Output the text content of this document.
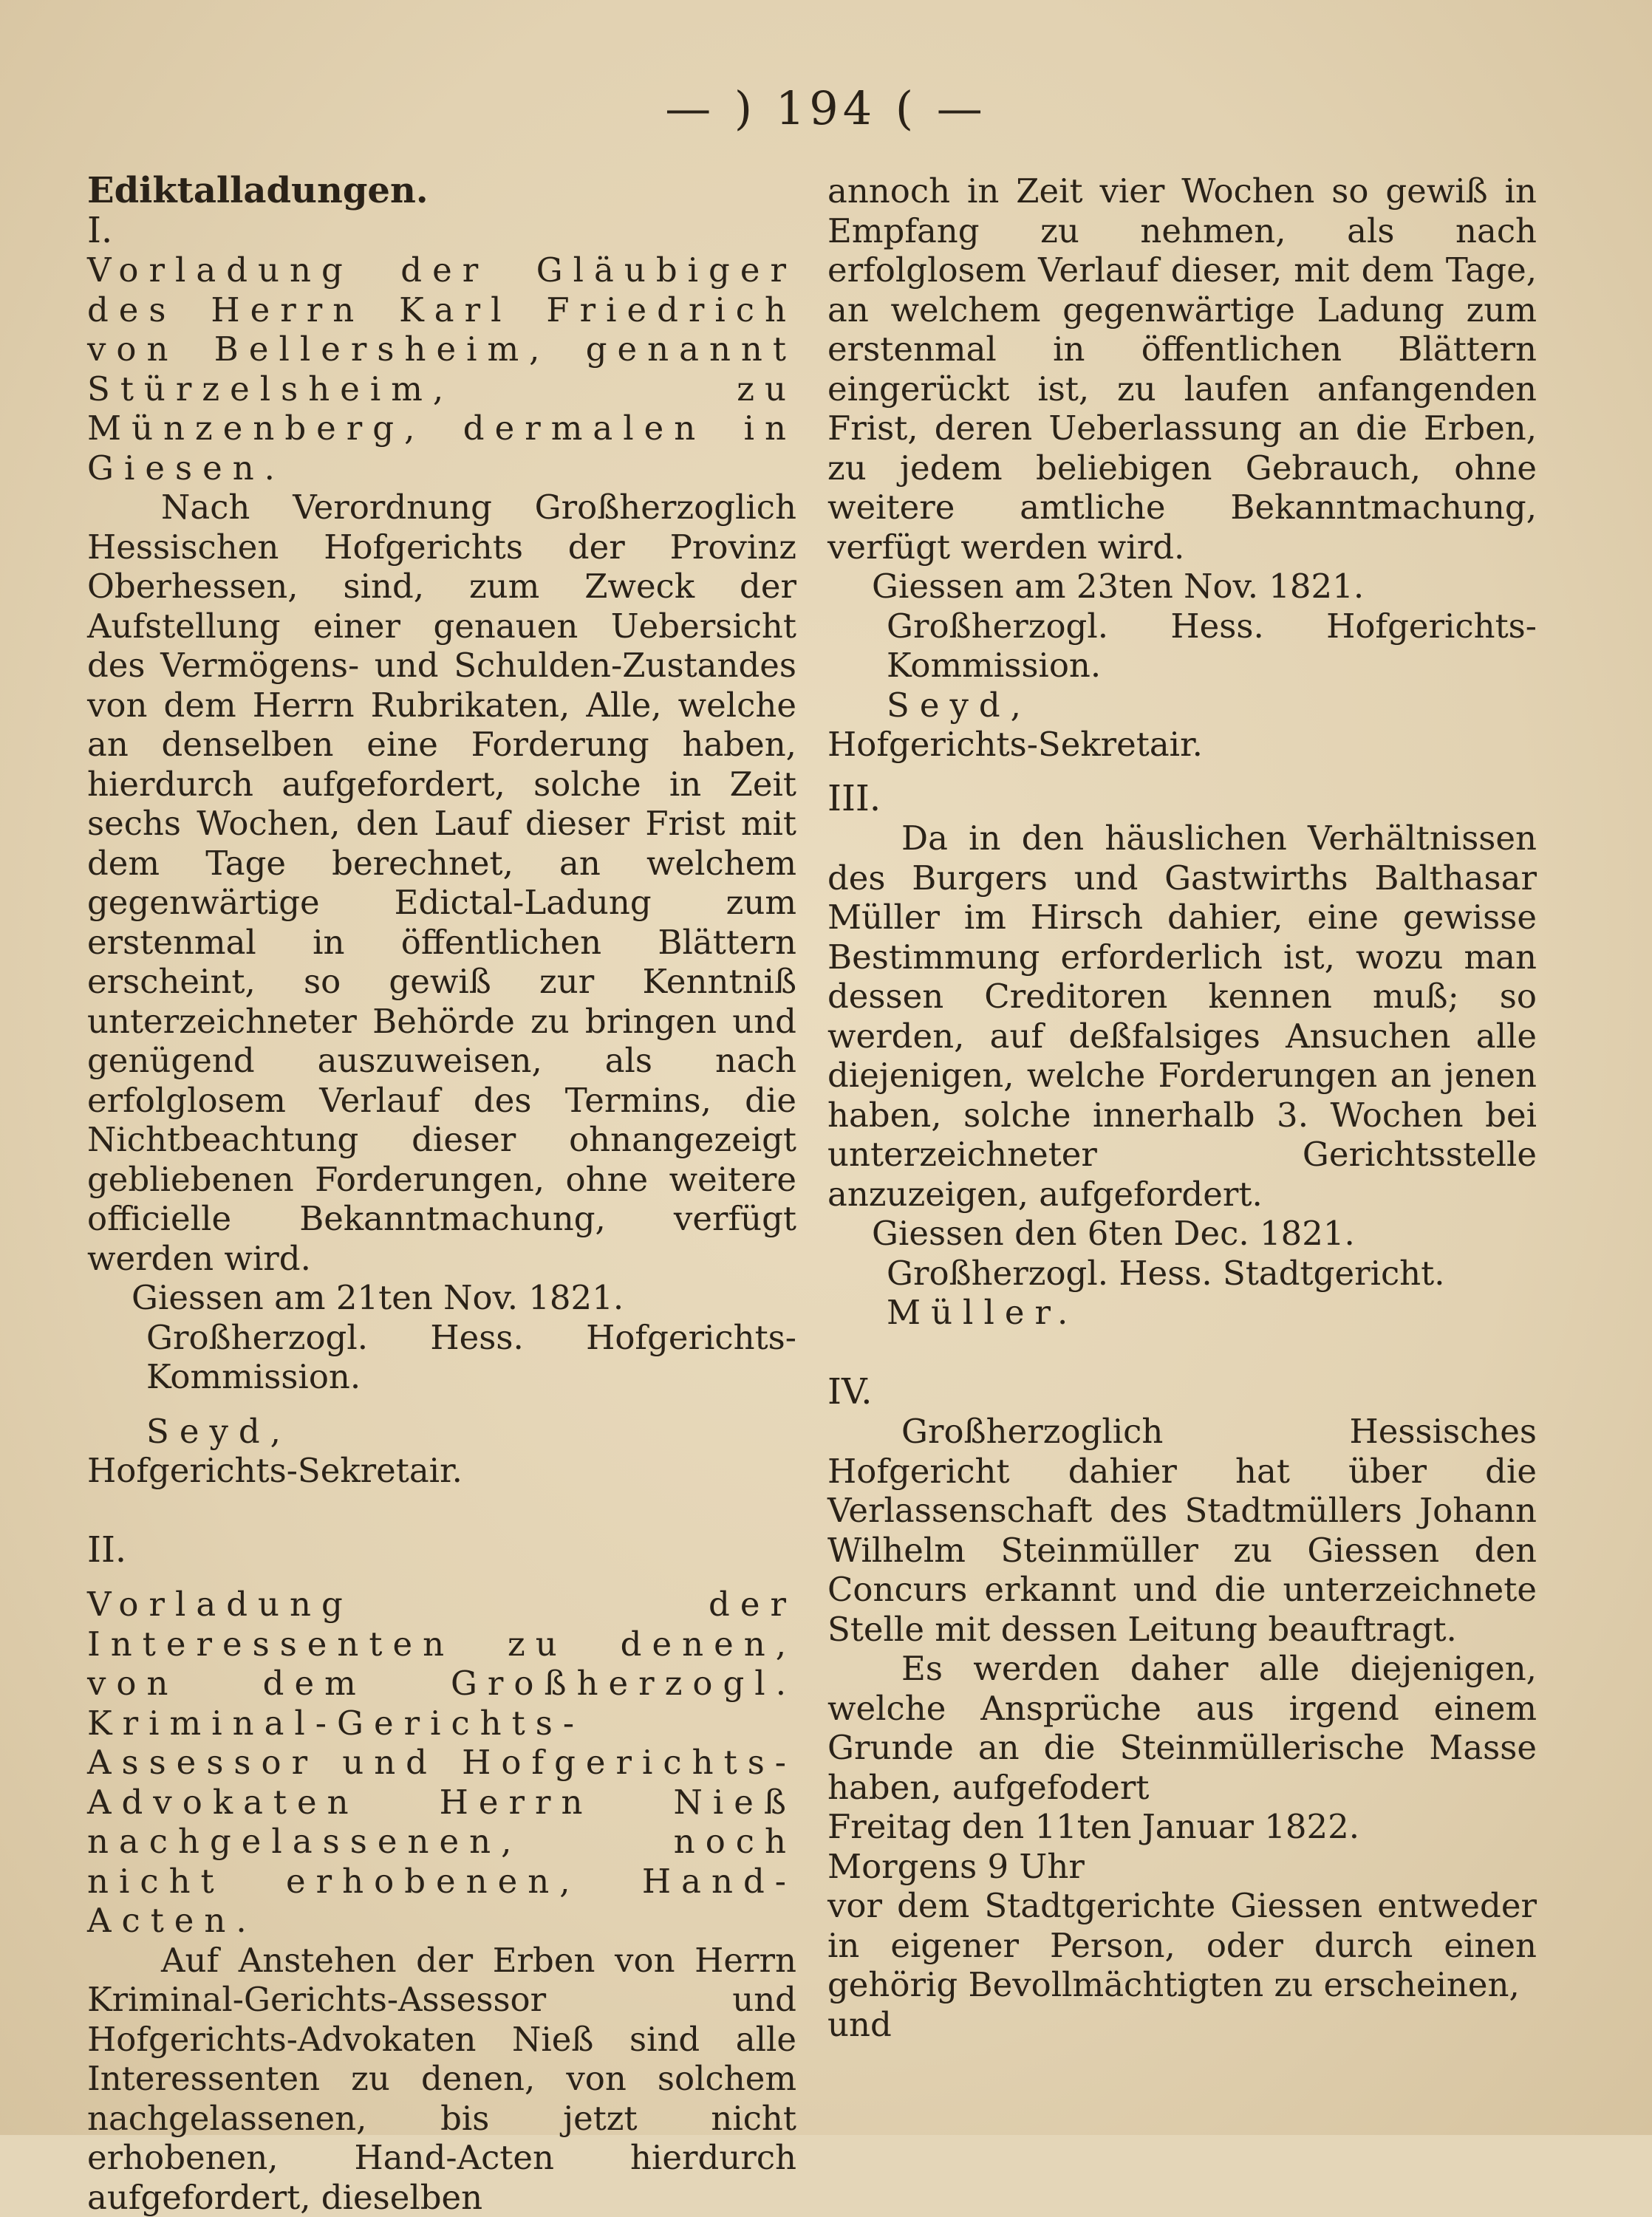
— ) 194 ( —

Ediktalladungen.

I.

Vorladung der Gläubiger des Herrn Karl Friedrich von Bellersheim, genannt Stürzelsheim, zu Münzenberg, dermalen in Giesen.

Nach Verordnung Großherzoglich Hessischen Hofgerichts der Provinz Oberhessen, sind, zum Zweck der Aufstellung einer genauen Uebersicht des Vermögens- und Schulden-Zustandes von dem Herrn Rubrikaten, Alle, welche an denselben eine Forderung haben, hierdurch aufgefordert, solche in Zeit sechs Wochen, den Lauf dieser Frist mit dem Tage berechnet, an welchem gegenwärtige Edictal-Ladung zum erstenmal in öffentlichen Blättern erscheint, so gewiß zur Kenntniß unterzeichneter Behörde zu bringen und genügend auszuweisen, als nach erfolglosem Verlauf des Termins, die Nichtbeachtung dieser ohnangezeigt gebliebenen Forderungen, ohne weitere officielle Bekanntmachung, verfügt werden wird.

Giessen am 21ten Nov. 1821.

Großherzogl. Hess. Hofgerichts-Kommission.

Seyd,

Hofgerichts-Sekretair.

II.

Vorladung der Interessenten zu denen, von dem Großherzogl. Kriminal-Gerichts-Assessor und Hofgerichts-Advokaten Herrn Nieß nachgelassenen, noch nicht erhobenen, Hand-Acten.

Auf Anstehen der Erben von Herrn Kriminal-Gerichts-Assessor und Hofgerichts-Advokaten Nieß sind alle Interessenten zu denen, von solchem nachgelassenen, bis jetzt nicht erhobenen, Hand-Acten hierdurch aufgefordert, dieselben

annoch in Zeit vier Wochen so gewiß in Empfang zu nehmen, als nach erfolglosem Verlauf dieser, mit dem Tage, an welchem gegenwärtige Ladung zum erstenmal in öffentlichen Blättern eingerückt ist, zu laufen anfangenden Frist, deren Ueberlassung an die Erben, zu jedem beliebigen Gebrauch, ohne weitere amtliche Bekanntmachung, verfügt werden wird.

Giessen am 23ten Nov. 1821.

Großherzogl. Hess. Hofgerichts-Kommission.

Seyd,

Hofgerichts-Sekretair.

III.

Da in den häuslichen Verhältnissen des Burgers und Gastwirths Balthasar Müller im Hirsch dahier, eine gewisse Bestimmung erforderlich ist, wozu man dessen Creditoren kennen muß; so werden, auf deßfalsiges Ansuchen alle diejenigen, welche Forderungen an jenen haben, solche innerhalb 3. Wochen bei unterzeichneter Gerichtsstelle anzuzeigen, aufgefordert.

Giessen den 6ten Dec. 1821.

Großherzogl. Hess. Stadtgericht.

Müller.

IV.

Großherzoglich Hessisches Hofgericht dahier hat über die Verlassenschaft des Stadtmüllers Johann Wilhelm Steinmüller zu Giessen den Concurs erkannt und die unterzeichnete Stelle mit dessen Leitung beauftragt.

Es werden daher alle diejenigen, welche Ansprüche aus irgend einem Grunde an die Steinmüllerische Masse haben, aufgefodert

Freitag den 11ten Januar 1822.

Morgens 9 Uhr

vor dem Stadtgerichte Giessen entweder in eigener Person, oder durch einen gehörig Bevollmächtigten zu erscheinen,

und
